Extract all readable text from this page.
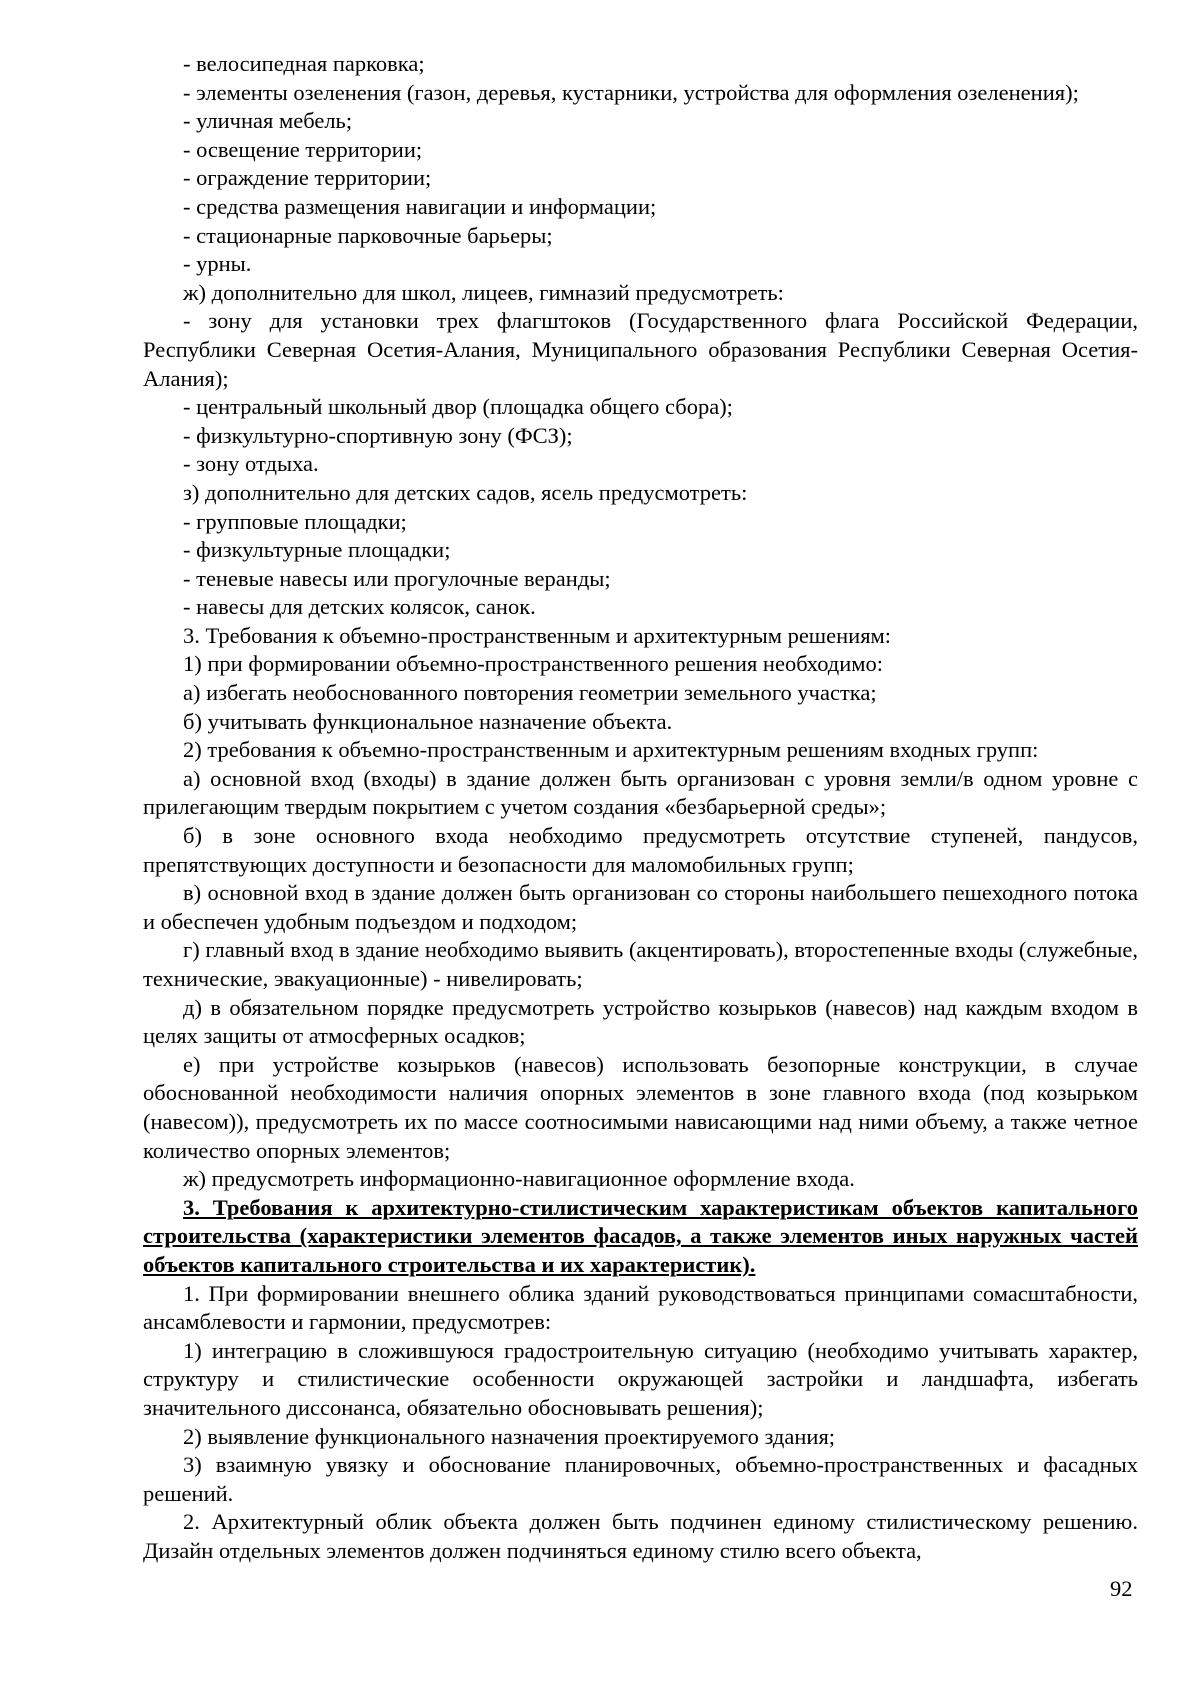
- велосипедная парковка;

- элементы озеленения (газон, деревья, кустарники, устройства для оформления озеленения);

- уличная мебель;

- освещение территории;

- ограждение территории;

- средства размещения навигации и информации;

- стационарные парковочные барьеры;

- урны.

ж) дополнительно для школ, лицеев, гимназий предусмотреть:

- зону для установки трех флагштоков (Государственного флага Российской Федерации, Республики Северная Осетия-Алания, Муниципального образования Республики Северная Осетия-Алания);

- центральный школьный двор (площадка общего сбора);

- физкультурно-спортивную зону (ФСЗ);

- зону отдыха.

з) дополнительно для детских садов, ясель предусмотреть:

- групповые площадки;

- физкультурные площадки;

- теневые навесы или прогулочные веранды;

- навесы для детских колясок, санок.

3. Требования к объемно-пространственным и архитектурным решениям:

1) при формировании объемно-пространственного решения необходимо:

а) избегать необоснованного повторения геометрии земельного участка;

б) учитывать функциональное назначение объекта.

2) требования к объемно-пространственным и архитектурным решениям входных групп:

а) основной вход (входы) в здание должен быть организован с уровня земли/в одном уровне с прилегающим твердым покрытием с учетом создания «безбарьерной среды»;

б) в зоне основного входа необходимо предусмотреть отсутствие ступеней, пандусов, препятствующих доступности и безопасности для маломобильных групп;

в) основной вход в здание должен быть организован со стороны наибольшего пешеходного потока и обеспечен удобным подъездом и подходом;

г) главный вход в здание необходимо выявить (акцентировать), второстепенные входы (служебные, технические, эвакуационные) - нивелировать;

д) в обязательном порядке предусмотреть устройство козырьков (навесов) над каждым входом в целях защиты от атмосферных осадков;

е) при устройстве козырьков (навесов) использовать безопорные конструкции, в случае обоснованной необходимости наличия опорных элементов в зоне главного входа (под козырьком (навесом)), предусмотреть их по массе соотносимыми нависающими над ними объему, а также четное количество опорных элементов;

ж) предусмотреть информационно-навигационное оформление входа.

3. Требования к архитектурно-стилистическим характеристикам объектов капитального строительства (характеристики элементов фасадов, а также элементов иных наружных частей объектов капитального строительства и их характеристик).

1. При формировании внешнего облика зданий руководствоваться принципами сомасштабности, ансамблевости и гармонии, предусмотрев:

1) интеграцию в сложившуюся градостроительную ситуацию (необходимо учитывать характер, структуру и стилистические особенности окружающей застройки и ландшафта, избегать значительного диссонанса, обязательно обосновывать решения);

2) выявление функционального назначения проектируемого здания;

3) взаимную увязку и обоснование планировочных, объемно-пространственных и фасадных решений.

2. Архитектурный облик объекта должен быть подчинен единому стилистическому решению. Дизайн отдельных элементов должен подчиняться единому стилю всего объекта,

92
